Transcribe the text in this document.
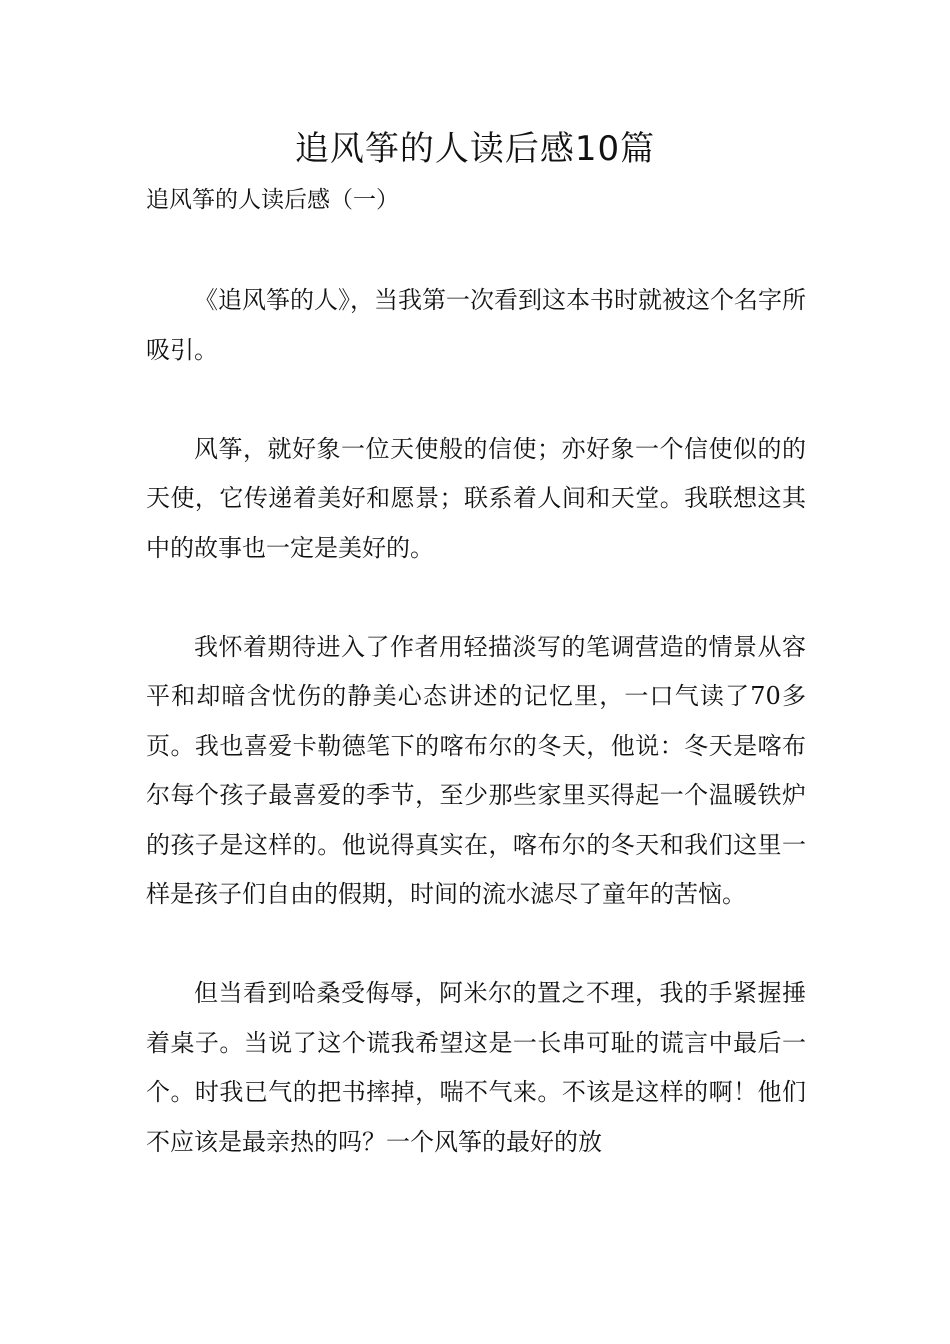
追风筝的人读后感10篇

追风筝的人读后感（一）

《追风筝的人》，当我第一次看到这本书时就被这个名字所吸引。

风筝，就好象一位天使般的信使；亦好象一个信使似的的天使，它传递着美好和愿景；联系着人间和天堂。我联想这其中的故事也一定是美好的。

我怀着期待进入了作者用轻描淡写的笔调营造的情景从容平和却暗含忧伤的静美心态讲述的记忆里，一口气读了70多页。我也喜爱卡勒德笔下的喀布尔的冬天，他说：冬天是喀布尔每个孩子最喜爱的季节，至少那些家里买得起一个温暖铁炉的孩子是这样的。他说得真实在，喀布尔的冬天和我们这里一样是孩子们自由的假期，时间的流水滤尽了童年的苦恼。

但当看到哈桑受侮辱，阿米尔的置之不理，我的手紧握捶着桌子。当说了这个谎我希望这是一长串可耻的谎言中最后一个。时我已气的把书摔掉，喘不气来。不该是这样的啊！他们不应该是最亲热的吗？一个风筝的最好的放
